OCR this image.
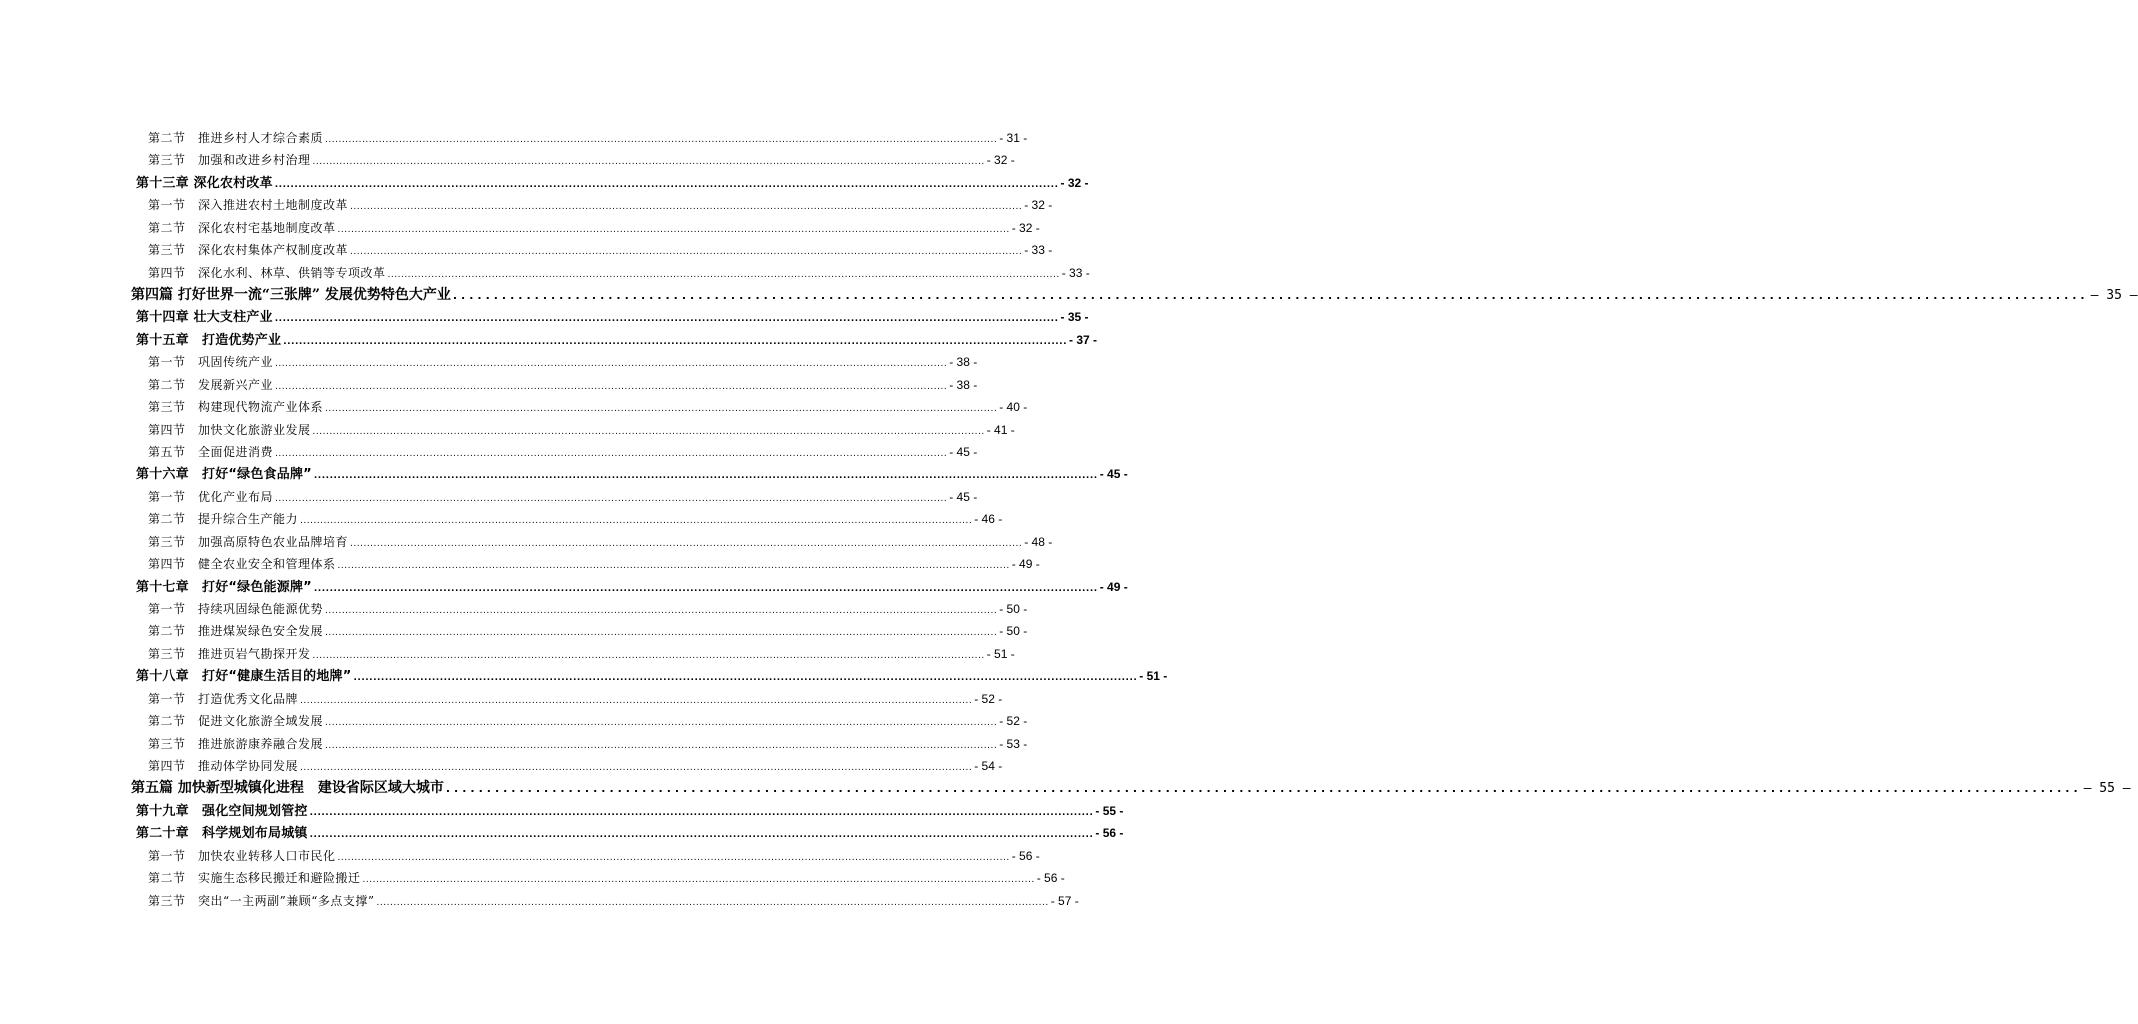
第二节　推进乡村人才综合素质 ........................................................................................................................................................................................................ - 31 -
第三节　加强和改进乡村治理 ........................................................................................................................................................................................................ - 32 -
第十三章 深化农村改革 ........................................................................................................................................................................................................ - 32 -
第一节　深入推进农村土地制度改革 ........................................................................................................................................................................................................ - 32 -
第二节　深化农村宅基地制度改革 ........................................................................................................................................................................................................ - 32 -
第三节　深化农村集体产权制度改革 ........................................................................................................................................................................................................ - 33 -
第四节　深化水利、林草、供销等专项改革 ........................................................................................................................................................................................................ - 33 -
第四篇 打好世界一流“三张牌” 发展优势特色大产业 ........................................................................................................................................................................................................ – 35 –
第十四章 壮大支柱产业 ........................................................................................................................................................................................................ - 35 -
第十五章　打造优势产业 ........................................................................................................................................................................................................ - 37 -
第一节　巩固传统产业 ........................................................................................................................................................................................................ - 38 -
第二节　发展新兴产业 ........................................................................................................................................................................................................ - 38 -
第三节　构建现代物流产业体系 ........................................................................................................................................................................................................ - 40 -
第四节　加快文化旅游业发展 ........................................................................................................................................................................................................ - 41 -
第五节　全面促进消费 ........................................................................................................................................................................................................ - 45 -
第十六章　打好“绿色食品牌” ........................................................................................................................................................................................................ - 45 -
第一节　优化产业布局 ........................................................................................................................................................................................................ - 45 -
第二节　提升综合生产能力 ........................................................................................................................................................................................................ - 46 -
第三节　加强高原特色农业品牌培育 ........................................................................................................................................................................................................ - 48 -
第四节　健全农业安全和管理体系 ........................................................................................................................................................................................................ - 49 -
第十七章　打好“绿色能源牌” ........................................................................................................................................................................................................ - 49 -
第一节　持续巩固绿色能源优势 ........................................................................................................................................................................................................ - 50 -
第二节　推进煤炭绿色安全发展 ........................................................................................................................................................................................................ - 50 -
第三节　推进页岩气勘探开发 ........................................................................................................................................................................................................ - 51 -
第十八章　打好“健康生活目的地牌” ........................................................................................................................................................................................................ - 51 -
第一节　打造优秀文化品牌 ........................................................................................................................................................................................................ - 52 -
第二节　促进文化旅游全域发展 ........................................................................................................................................................................................................ - 52 -
第三节　推进旅游康养融合发展 ........................................................................................................................................................................................................ - 53 -
第四节　推动体学协同发展 ........................................................................................................................................................................................................ - 54 -
第五篇 加快新型城镇化进程　建设省际区域大城市 ........................................................................................................................................................................................................ – 55 –
第十九章　强化空间规划管控 ........................................................................................................................................................................................................ - 55 -
第二十章　科学规划布局城镇 ........................................................................................................................................................................................................ - 56 -
第一节　加快农业转移人口市民化 ........................................................................................................................................................................................................ - 56 -
第二节　实施生态移民搬迁和避险搬迁 ........................................................................................................................................................................................................ - 56 -
第三节　突出“一主两副”兼顾“多点支撑” ........................................................................................................................................................................................................ - 57 -
